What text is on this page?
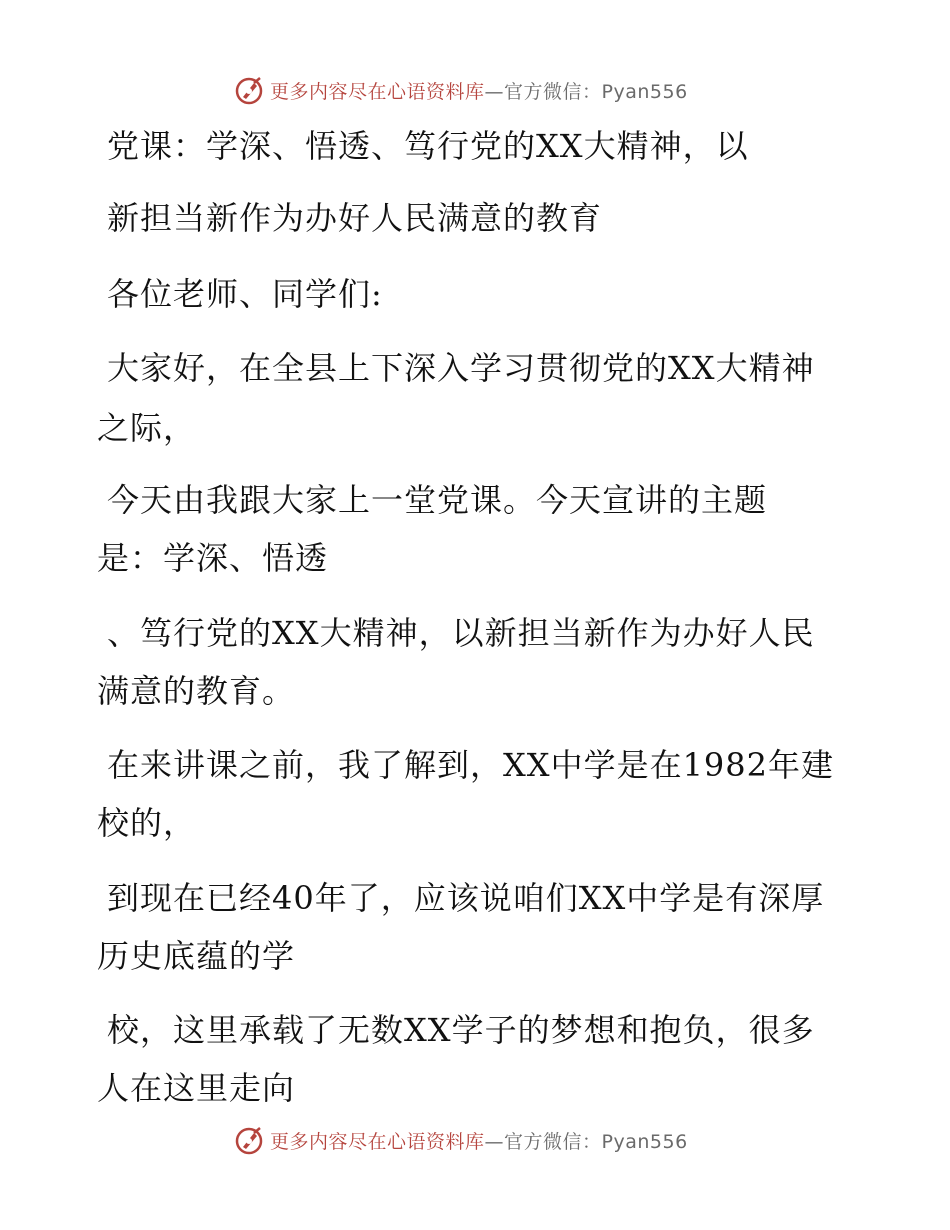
更多内容尽在心语资料库 —官方微信：Pyan556
党课：学深、悟透、笃行党的XX大精神，以
新担当新作为办好人民满意的教育
各位老师、同学们:
大家好，在全县上下深入学习贯彻党的XX大精神
之际，
今天由我跟大家上一堂党课。今天宣讲的主题
是：学深、悟透
、笃行党的XX大精神，以新担当新作为办好人民
满意的教育。
在来讲课之前，我了解到，XX中学是在1982年建
校的，
到现在已经40年了，应该说咱们XX中学是有深厚
历史底蕴的学
校，这里承载了无数XX学子的梦想和抱负，很多
人在这里走向
更多内容尽在心语资料库 —官方微信：Pyan556
